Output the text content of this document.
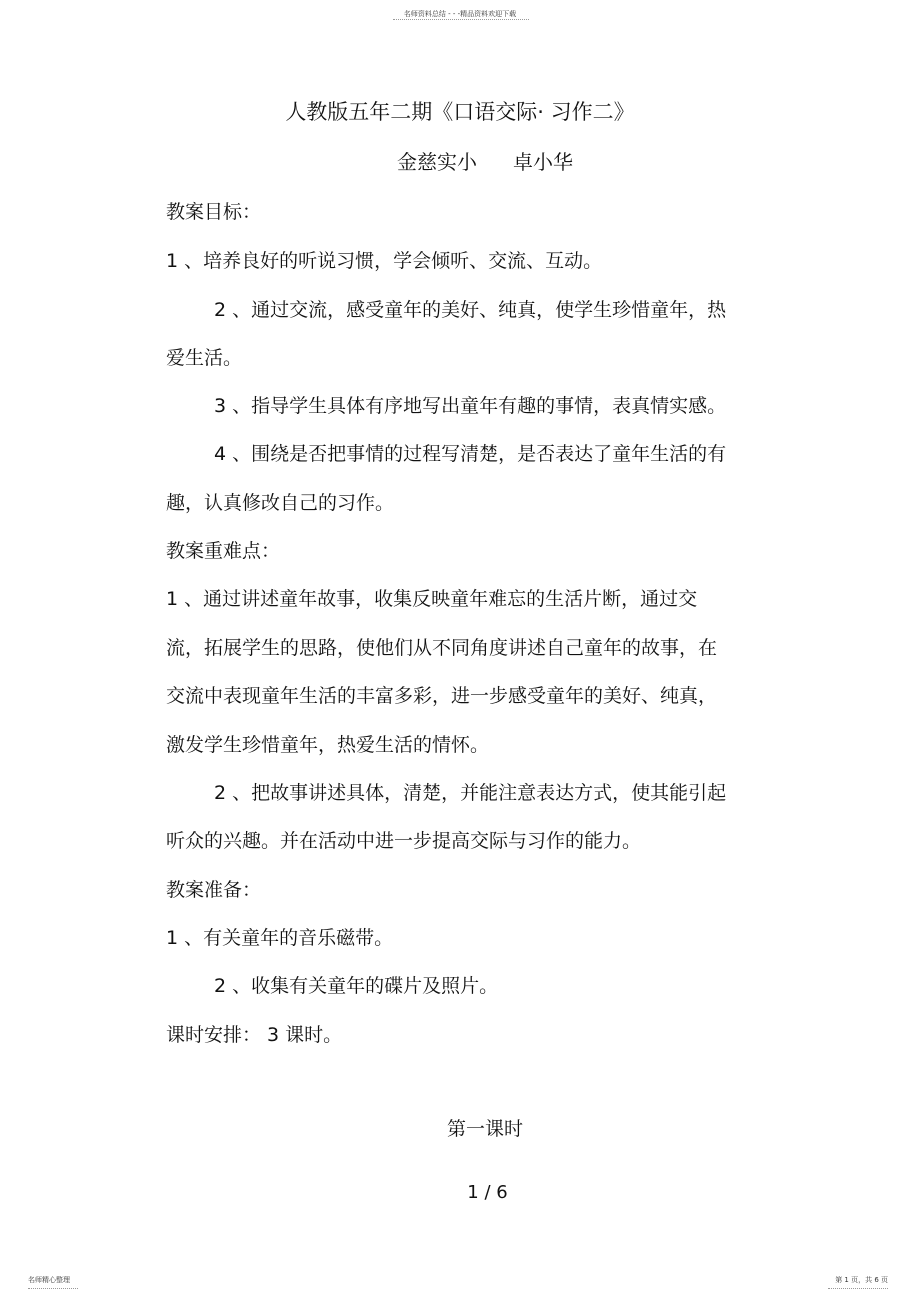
名师资料总结 - - -精品资料欢迎下载
人教版五年二期《口语交际· 习作二》
金慈实小 卓小华
教案目标：
1 、培养良好的听说习惯，学会倾听、交流、互动。
2 、通过交流，感受童年的美好、纯真，使学生珍惜童年，热
爱生活。
3 、指导学生具体有序地写出童年有趣的事情，表真情实感。
4 、围绕是否把事情的过程写清楚，是否表达了童年生活的有
趣，认真修改自己的习作。
教案重难点：
1 、通过讲述童年故事，收集反映童年难忘的生活片断，通过交
流，拓展学生的思路，使他们从不同角度讲述自己童年的故事，在
交流中表现童年生活的丰富多彩，进一步感受童年的美好、纯真，
激发学生珍惜童年，热爱生活的情怀。
2 、把故事讲述具体，清楚，并能注意表达方式，使其能引起
听众的兴趣。并在活动中进一步提高交际与习作的能力。
教案准备：
1 、有关童年的音乐磁带。
2 、收集有关童年的碟片及照片。
课时安排： 3 课时。
第一课时
1 / 6
名师精心整理	第 1 页，共 6 页
